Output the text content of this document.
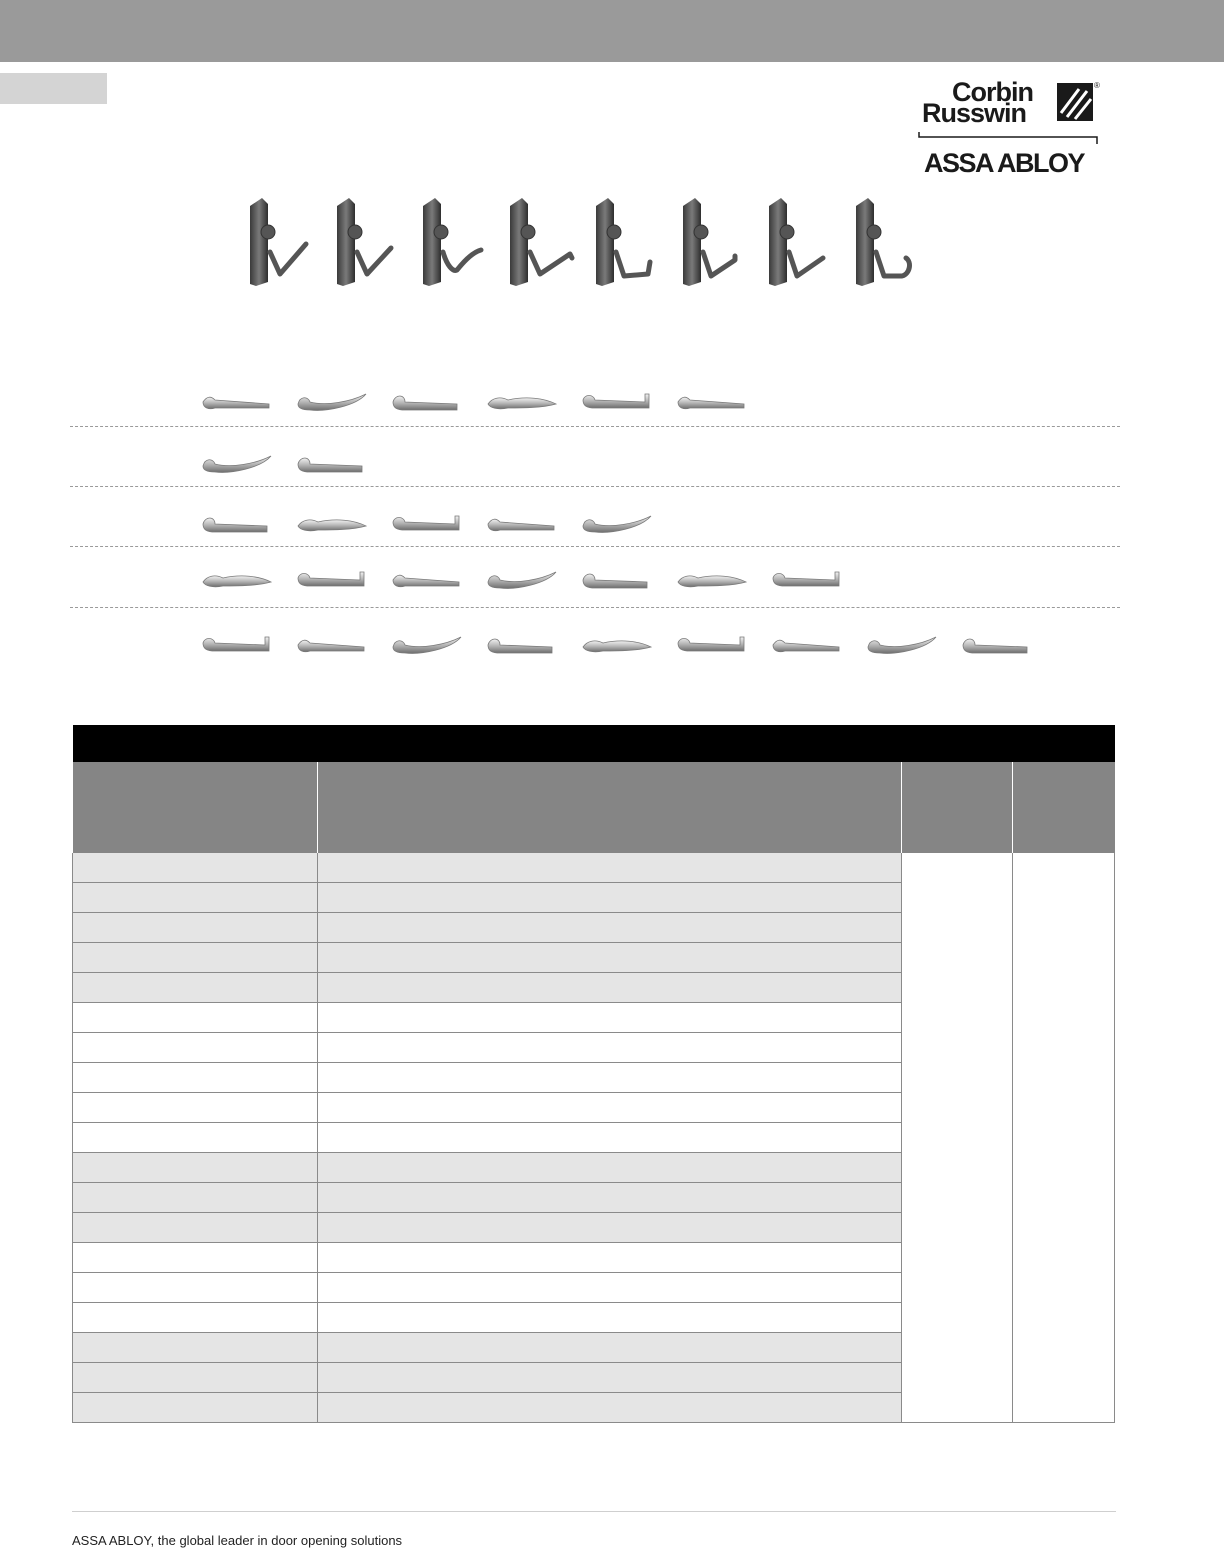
Corbin
Russwin
®
ASSA ABLOY

ASSA ABLOY, the global leader in door opening solutions
